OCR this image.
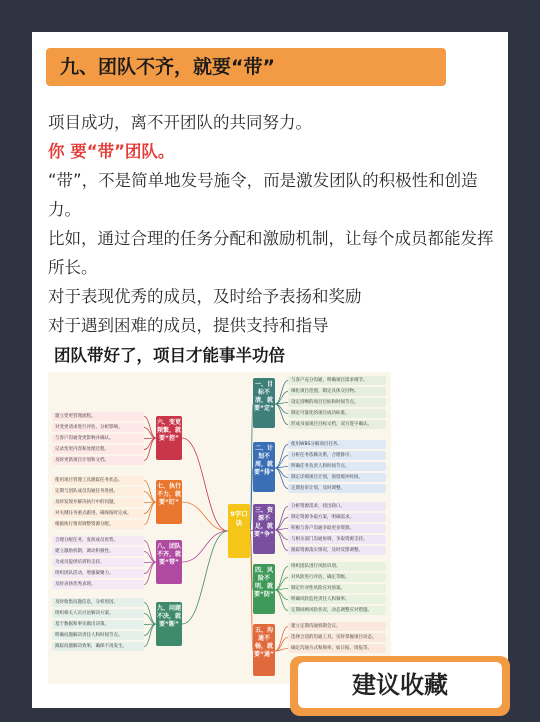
九、团队不齐，就要“带”
项目成功，离不开团队的共同努力。
你 要“带”团队。
“带”，不是简单地发号施令，而是激发团队的积极性和创造力。
比如，通过合理的任务分配和激励机制，让每个成员都能发挥所长。
对于表现优秀的成员，及时给予表扬和奖励
对于遇到困难的成员，提供支持和指导
团队带好了，项目才能事半功倍
9字口诀
一、目标不清，就要“定”
与客户充分沟通，明确项目需求细节。
细化项目范围，制定具体交付物。
设定清晰的项目目标和时间节点。
制定可量化的项目成功标准。
形成书面项目目标文档，双方签字确认。
二、计划不周，就要“排”
使用WBS分解项目任务。
分析任务依赖关系，合理排序。
明确任务负责人和时间节点。
制定详细项目计划，预留缓冲时间。
定期复审计划，及时调整。
三、资源不足，就要“争”
分析资源需求，找出缺口。
制定资源争取方案，明确需求。
积极与客户沟通争取更多资源。
与相关部门沟通协调，争取资源支持。
跟踪资源落实情况，及时反馈调整。
四、风险不明，就要“防”
组织团队进行风险识别。
对风险进行评估，确定等级。
制定针对性风险应对预案。
明确风险监控责任人和频率。
定期回顾风险状况，动态调整应对措施。
五、沟通不畅，就要“通”
建立定期沟通机制会议。
选择合适的沟通工具，实时掌握项目动态。
确定沟通方式和频率，如日报、周报等。
六、变更频繁，就要“控”
建立变更管理流程。
对变更请求进行评估，分析影响。
与客户沟通变更影响并确认。
记录变更内容和处理过程。
及时更新项目计划和文档。
七、执行不力，就要“盯”
使用项目管理工具跟踪任务状态。
定期与团队成员沟通任务进展。
及时发现并解决执行中的问题。
对关键任务重点跟进，确保按时完成。
根据执行情况调整资源分配。
八、团队不齐，就要“带”
合理分配任务，发挥成员优势。
建立激励机制，调动积极性。
为成员提供培训和支持。
组织团队活动，增强凝聚力。
及时表扬优秀表现。
九、问题不决，就要“断”
及时收集问题信息，分析原因。
组织相关人员讨论解决方案。
基于数据和事实做出决策。
明确问题解决责任人和时间节点。
跟踪问题解决效果，确保不再发生。
建议收藏
